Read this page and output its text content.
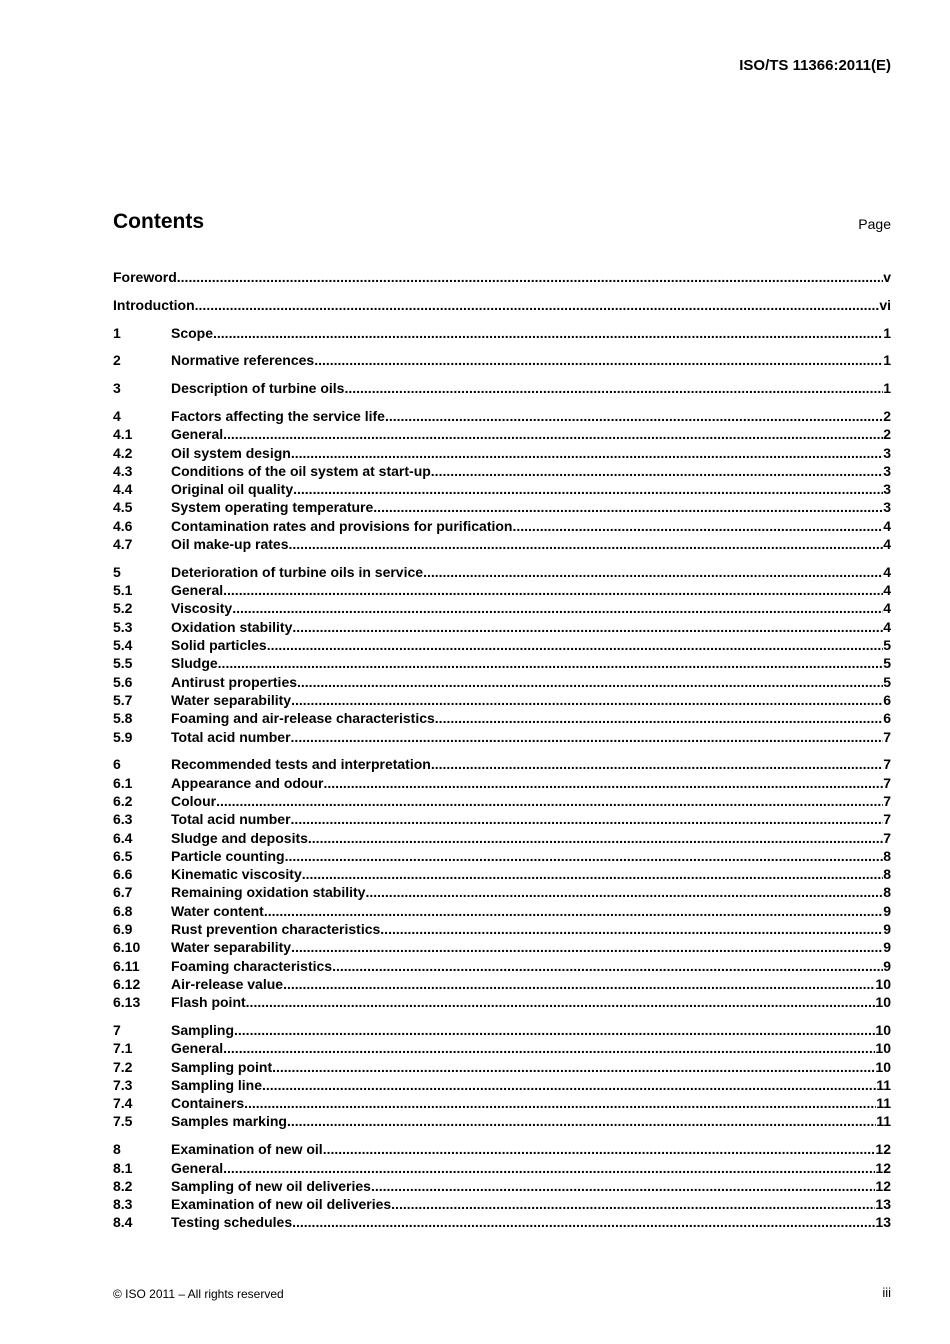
ISO/TS 11366:2011(E)
Contents	Page
Foreword .....	v
Introduction .....	vi
1	Scope .....	1
2	Normative references .....	1
3	Description of turbine oils .....	1
4	Factors affecting the service life .....	2
4.1	General .....	2
4.2	Oil system design .....	3
4.3	Conditions of the oil system at start-up .....	3
4.4	Original oil quality .....	3
4.5	System operating temperature .....	3
4.6	Contamination rates and provisions for purification .....	4
4.7	Oil make-up rates .....	4
5	Deterioration of turbine oils in service .....	4
5.1	General .....	4
5.2	Viscosity .....	4
5.3	Oxidation stability .....	4
5.4	Solid particles .....	5
5.5	Sludge .....	5
5.6	Antirust properties .....	5
5.7	Water separability .....	6
5.8	Foaming and air-release characteristics .....	6
5.9	Total acid number .....	7
6	Recommended tests and interpretation .....	7
6.1	Appearance and odour .....	7
6.2	Colour .....	7
6.3	Total acid number .....	7
6.4	Sludge and deposits .....	7
6.5	Particle counting .....	8
6.6	Kinematic viscosity .....	8
6.7	Remaining oxidation stability .....	8
6.8	Water content .....	9
6.9	Rust prevention characteristics .....	9
6.10	Water separability .....	9
6.11	Foaming characteristics .....	9
6.12	Air-release value .....	10
6.13	Flash point .....	10
7	Sampling .....	10
7.1	General .....	10
7.2	Sampling point .....	10
7.3	Sampling line .....	11
7.4	Containers .....	11
7.5	Samples marking .....	11
8	Examination of new oil .....	12
8.1	General .....	12
8.2	Sampling of new oil deliveries .....	12
8.3	Examination of new oil deliveries .....	13
8.4	Testing schedules .....	13
© ISO 2011 – All rights reserved	iii
